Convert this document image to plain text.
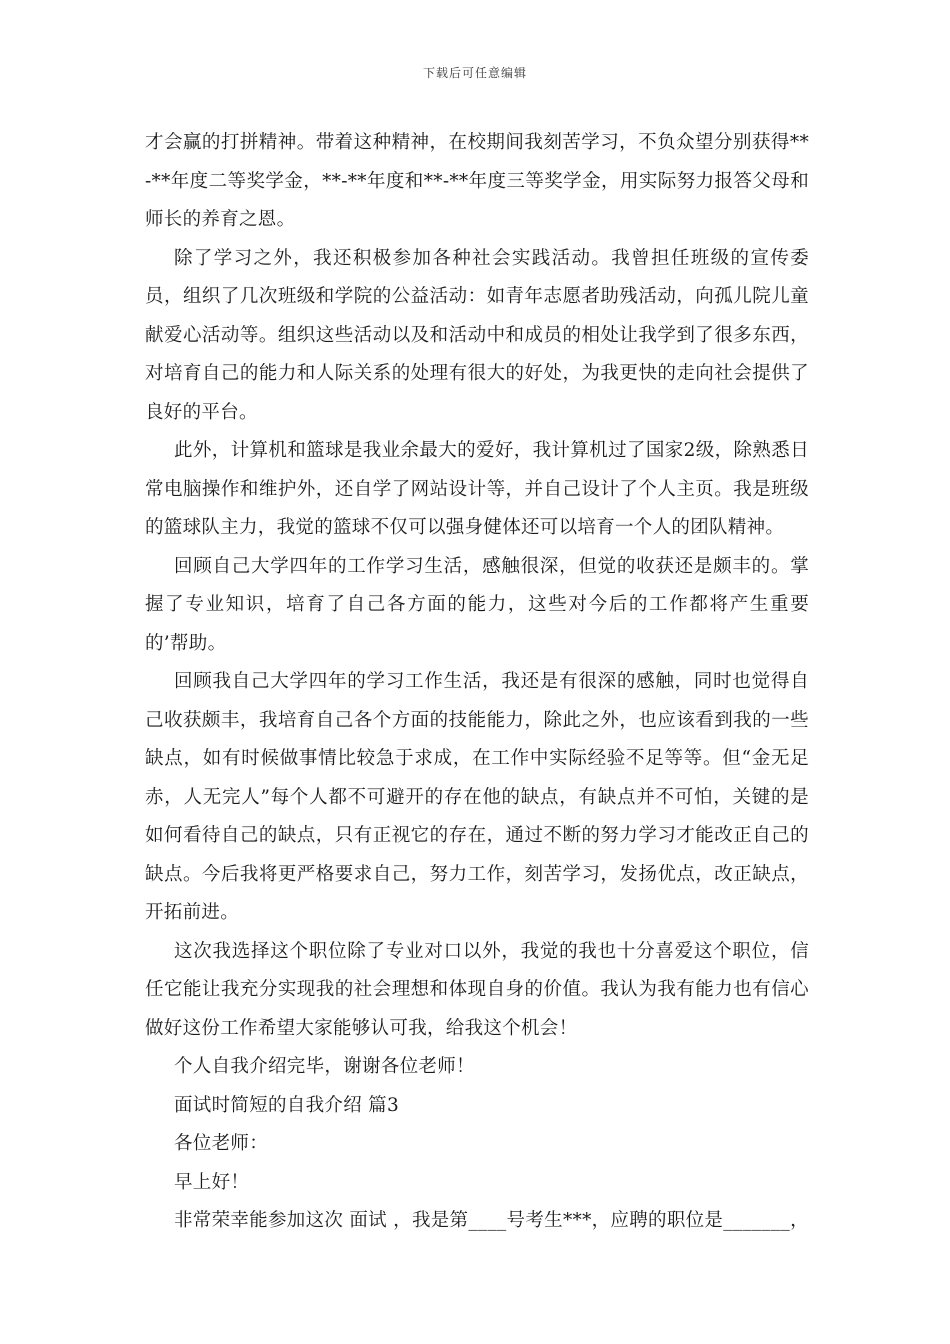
下载后可任意编辑

才会赢的打拼精神。带着这种精神，在校期间我刻苦学习，不负众望分别获得**-**年度二等奖学金，**-**年度和**-**年度三等奖学金，用实际努力报答父母和师长的养育之恩。

除了学习之外，我还积极参加各种社会实践活动。我曾担任班级的宣传委员，组织了几次班级和学院的公益活动：如青年志愿者助残活动，向孤儿院儿童献爱心活动等。组织这些活动以及和活动中和成员的相处让我学到了很多东西，对培育自己的能力和人际关系的处理有很大的好处，为我更快的走向社会提供了良好的平台。

此外，计算机和篮球是我业余最大的爱好，我计算机过了国家2级，除熟悉日常电脑操作和维护外，还自学了网站设计等，并自己设计了个人主页。我是班级的篮球队主力，我觉的篮球不仅可以强身健体还可以培育一个人的团队精神。

回顾自己大学四年的工作学习生活，感触很深，但觉的收获还是颇丰的。掌握了专业知识，培育了自己各方面的能力，这些对今后的工作都将产生重要的’帮助。

回顾我自己大学四年的学习工作生活，我还是有很深的感触，同时也觉得自己收获颇丰，我培育自己各个方面的技能能力，除此之外，也应该看到我的一些缺点，如有时候做事情比较急于求成，在工作中实际经验不足等等。但“金无足赤，人无完人”每个人都不可避开的存在他的缺点，有缺点并不可怕，关键的是如何看待自己的缺点，只有正视它的存在，通过不断的努力学习才能改正自己的缺点。今后我将更严格要求自己，努力工作，刻苦学习，发扬优点，改正缺点，开拓前进。

这次我选择这个职位除了专业对口以外，我觉的我也十分喜爱这个职位，信任它能让我充分实现我的社会理想和体现自身的价值。我认为我有能力也有信心做好这份工作希望大家能够认可我，给我这个机会！

个人自我介绍完毕，谢谢各位老师！

面试时简短的自我介绍 篇3

各位老师：

早上好！

非常荣幸能参加这次 面试 ，我是第____号考生***，应聘的职位是_______，
